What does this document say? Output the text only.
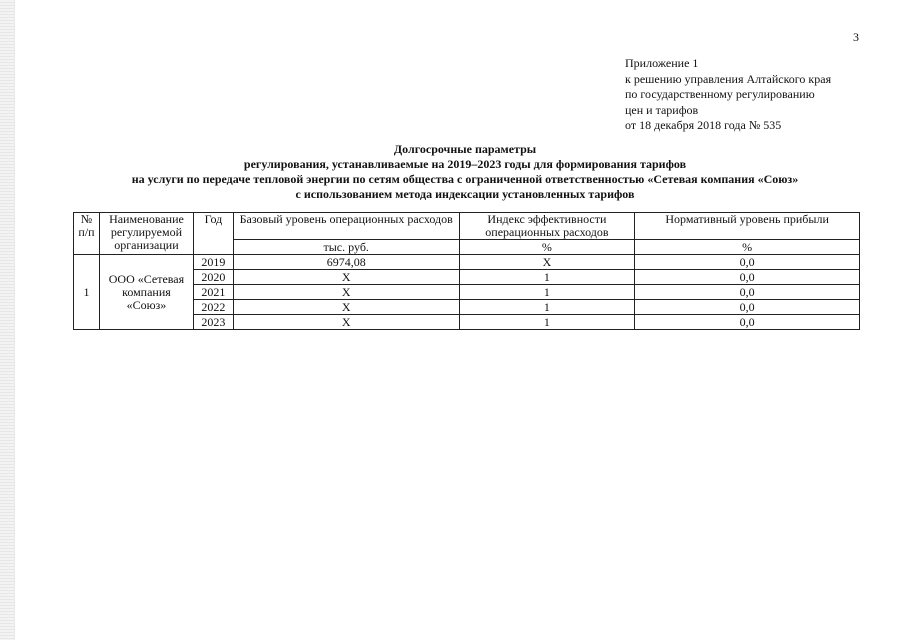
3
Приложение 1
к решению управления Алтайского края
по государственному регулированию
цен и тарифов
от 18 декабря 2018 года № 535
Долгосрочные параметры
регулирования, устанавливаемые на 2019–2023 годы для формирования тарифов
на услуги по передаче тепловой энергии по сетям общества с ограниченной ответственностью «Сетевая компания «Союз»
с использованием метода индексации установленных тарифов
№ п/п	Наименование регулируемой организации	Год	Базовый уровень операционных расходов	Индекс эффективности операционных расходов	Нормативный уровень прибыли
			тыс. руб.	%	%
1	ООО «Сетевая компания «Союз»	2019	6974,08	Х	0,0
		2020	Х	1	0,0
		2021	Х	1	0,0
		2022	Х	1	0,0
		2023	Х	1	0,0
